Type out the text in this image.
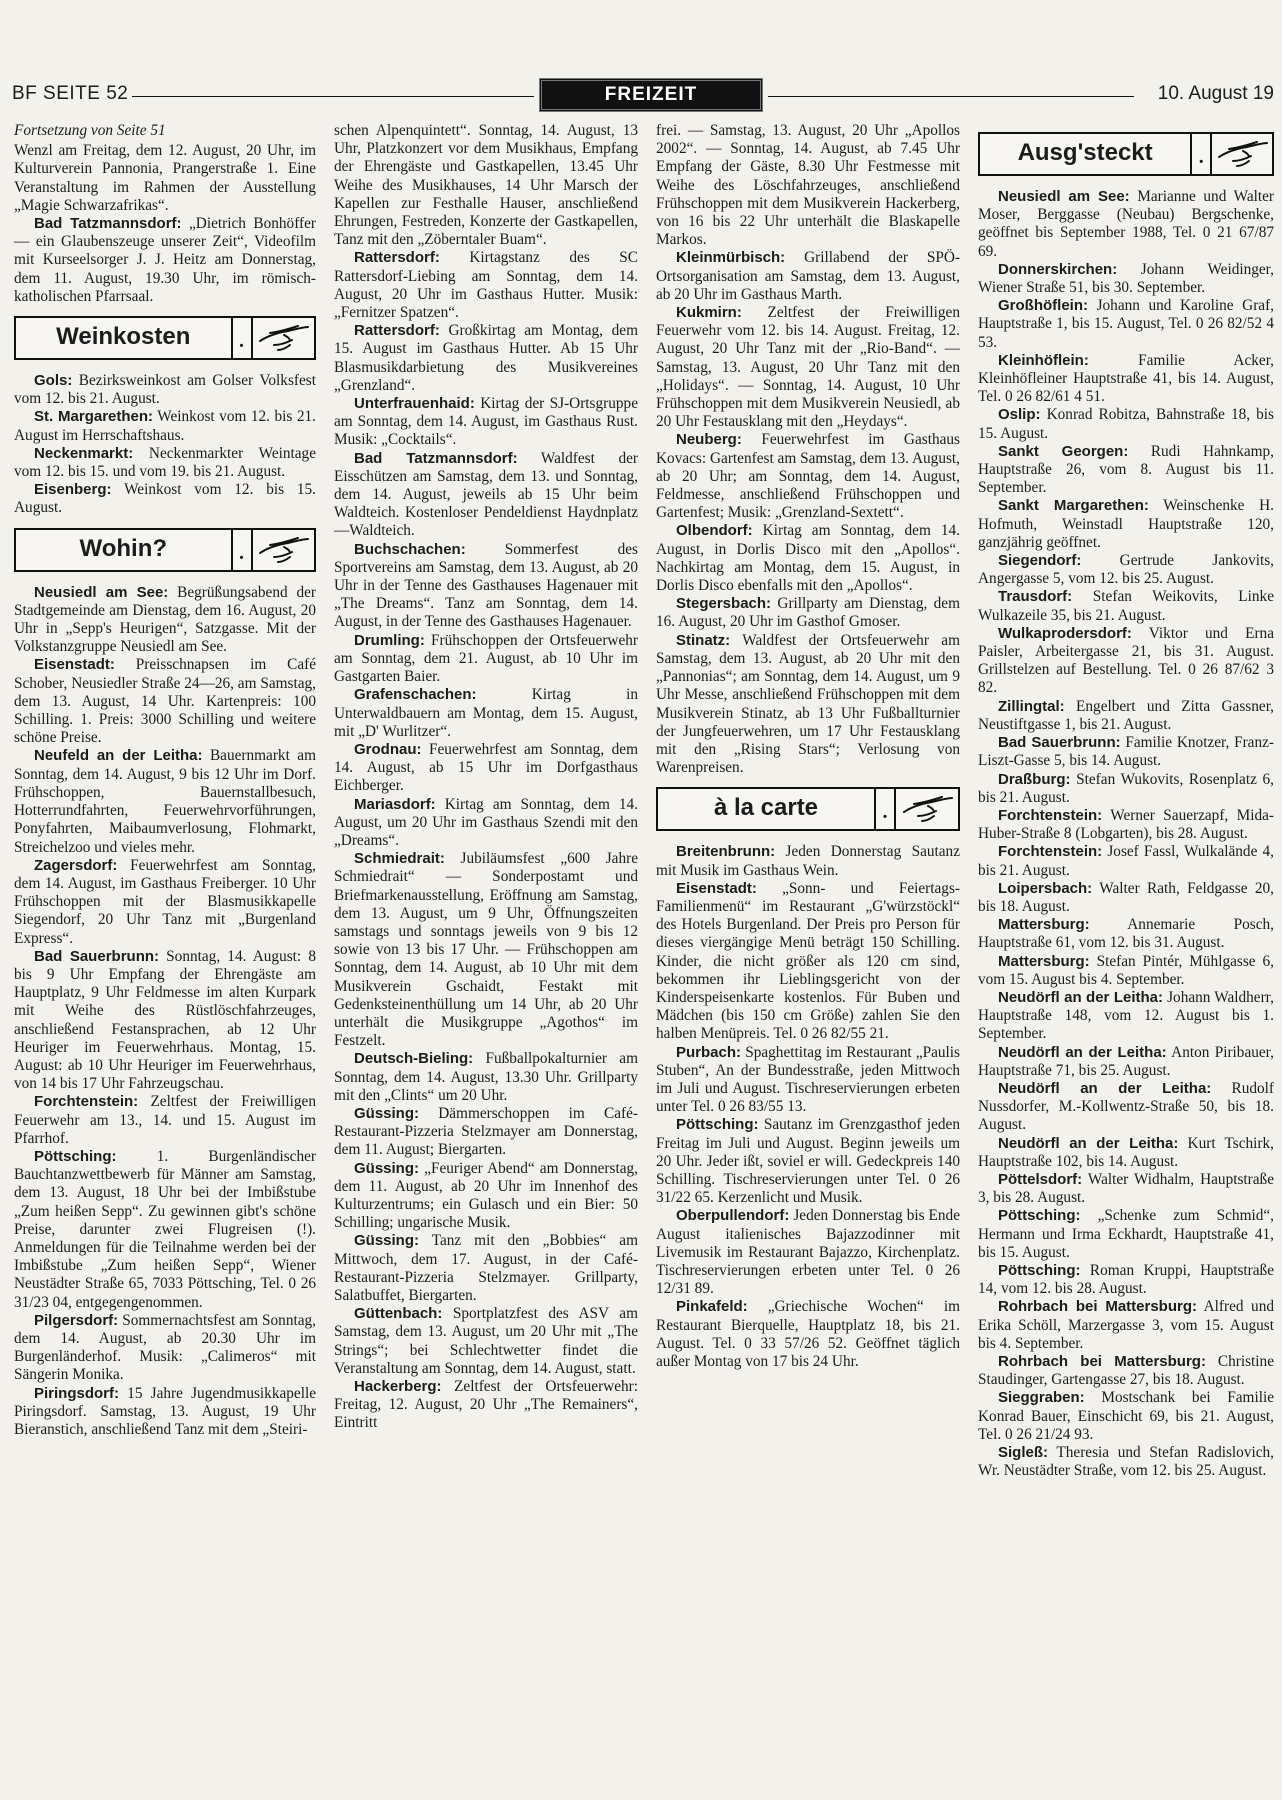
BF SEITE 52	FREIZEIT	10. August 19

Fortsetzung von Seite 51

Wenzl am Freitag, dem 12. August, 20 Uhr, im Kulturverein Pannonia, Prangerstraße 1. Eine Veranstaltung im Rahmen der Ausstellung „Magie Schwarzafrikas“.

Bad Tatzmannsdorf: „Dietrich Bonhöffer — ein Glaubenszeuge unserer Zeit“, Videofilm mit Kurseelsorger J. J. Heitz am Donnerstag, dem 11. August, 19.30 Uhr, im römisch-katholischen Pfarrsaal.

Weinkosten	.

Gols: Bezirksweinkost am Golser Volksfest vom 12. bis 21. August.

St. Margarethen: Weinkost vom 12. bis 21. August im Herrschaftshaus.

Neckenmarkt: Neckenmarkter Weintage vom 12. bis 15. und vom 19. bis 21. August.

Eisenberg: Weinkost vom 12. bis 15. August.

Wohin?	.

Neusiedl am See: Begrüßungsabend der Stadtgemeinde am Dienstag, dem 16. August, 20 Uhr in „Sepp's Heurigen“, Satzgasse. Mit der Volkstanzgruppe Neusiedl am See.

Eisenstadt: Preisschnapsen im Café Schober, Neusiedler Straße 24—26, am Samstag, dem 13. August, 14 Uhr. Kartenpreis: 100 Schilling. 1. Preis: 3000 Schilling und weitere schöne Preise.

Neufeld an der Leitha: Bauernmarkt am Sonntag, dem 14. August, 9 bis 12 Uhr im Dorf. Frühschoppen, Bauernstallbesuch, Hotterrundfahrten, Feuerwehrvorführungen, Ponyfahrten, Maibaumverlosung, Flohmarkt, Streichelzoo und vieles mehr.

Zagersdorf: Feuerwehrfest am Sonntag, dem 14. August, im Gasthaus Freiberger. 10 Uhr Frühschoppen mit der Blasmusikkapelle Siegendorf, 20 Uhr Tanz mit „Burgenland Express“.

Bad Sauerbrunn: Sonntag, 14. August: 8 bis 9 Uhr Empfang der Ehrengäste am Hauptplatz, 9 Uhr Feldmesse im alten Kurpark mit Weihe des Rüstlöschfahrzeuges, anschließend Festansprachen, ab 12 Uhr Heuriger im Feuerwehrhaus. Montag, 15. August: ab 10 Uhr Heuriger im Feuerwehrhaus, von 14 bis 17 Uhr Fahrzeugschau.

Forchtenstein: Zeltfest der Freiwilligen Feuerwehr am 13., 14. und 15. August im Pfarrhof.

Pöttsching: 1. Burgenländischer Bauchtanzwettbewerb für Männer am Samstag, dem 13. August, 18 Uhr bei der Imbißstube „Zum heißen Sepp“. Zu gewinnen gibt's schöne Preise, darunter zwei Flugreisen (!). Anmeldungen für die Teilnahme werden bei der Imbißstube „Zum heißen Sepp“, Wiener Neustädter Straße 65, 7033 Pöttsching, Tel. 0 26 31/23 04, entgegengenommen.

Pilgersdorf: Sommernachtsfest am Sonntag, dem 14. August, ab 20.30 Uhr im Burgenländerhof. Musik: „Calimeros“ mit Sängerin Monika.

Piringsdorf: 15 Jahre Jugendmusikkapelle Piringsdorf. Samstag, 13. August, 19 Uhr Bieranstich, anschließend Tanz mit dem „Steiri-

schen Alpenquintett“. Sonntag, 14. August, 13 Uhr, Platzkonzert vor dem Musikhaus, Empfang der Ehrengäste und Gastkapellen, 13.45 Uhr Weihe des Musikhauses, 14 Uhr Marsch der Kapellen zur Festhalle Hauser, anschließend Ehrungen, Festreden, Konzerte der Gastkapellen, Tanz mit den „Zöberntaler Buam“.

Rattersdorf: Kirtagstanz des SC Rattersdorf-Liebing am Sonntag, dem 14. August, 20 Uhr im Gasthaus Hutter. Musik: „Fernitzer Spatzen“.

Rattersdorf: Großkirtag am Montag, dem 15. August im Gasthaus Hutter. Ab 15 Uhr Blasmusikdarbietung des Musikvereines „Grenzland“.

Unterfrauenhaid: Kirtag der SJ-Ortsgruppe am Sonntag, dem 14. August, im Gasthaus Rust. Musik: „Cocktails“.

Bad Tatzmannsdorf: Waldfest der Eisschützen am Samstag, dem 13. und Sonntag, dem 14. August, jeweils ab 15 Uhr beim Waldteich. Kostenloser Pendeldienst Haydnplatz—Waldteich.

Buchschachen: Sommerfest des Sportvereins am Samstag, dem 13. August, ab 20 Uhr in der Tenne des Gasthauses Hagenauer mit „The Dreams“. Tanz am Sonntag, dem 14. August, in der Tenne des Gasthauses Hagenauer.

Drumling: Frühschoppen der Ortsfeuerwehr am Sonntag, dem 21. August, ab 10 Uhr im Gastgarten Baier.

Grafenschachen: Kirtag in Unterwaldbauern am Montag, dem 15. August, mit „D' Wurlitzer“.

Grodnau: Feuerwehrfest am Sonntag, dem 14. August, ab 15 Uhr im Dorfgasthaus Eichberger.

Mariasdorf: Kirtag am Sonntag, dem 14. August, um 20 Uhr im Gasthaus Szendi mit den „Dreams“.

Schmiedrait: Jubiläumsfest „600 Jahre Schmiedrait“ — Sonderpostamt und Briefmarkenausstellung, Eröffnung am Samstag, dem 13. August, um 9 Uhr, Öffnungszeiten samstags und sonntags jeweils von 9 bis 12 sowie von 13 bis 17 Uhr. — Frühschoppen am Sonntag, dem 14. August, ab 10 Uhr mit dem Musikverein Gschaidt, Festakt mit Gedenksteinenthüllung um 14 Uhr, ab 20 Uhr unterhält die Musikgruppe „Agothos“ im Festzelt.

Deutsch-Bieling: Fußballpokalturnier am Sonntag, dem 14. August, 13.30 Uhr. Grillparty mit den „Clints“ um 20 Uhr.

Güssing: Dämmerschoppen im Café-Restaurant-Pizzeria Stelzmayer am Donnerstag, dem 11. August; Biergarten.

Güssing: „Feuriger Abend“ am Donnerstag, dem 11. August, ab 20 Uhr im Innenhof des Kulturzentrums; ein Gulasch und ein Bier: 50 Schilling; ungarische Musik.

Güssing: Tanz mit den „Bobbies“ am Mittwoch, dem 17. August, in der Café-Restaurant-Pizzeria Stelzmayer. Grillparty, Salatbuffet, Biergarten.

Güttenbach: Sportplatzfest des ASV am Samstag, dem 13. August, um 20 Uhr mit „The Strings“; bei Schlechtwetter findet die Veranstaltung am Sonntag, dem 14. August, statt.

Hackerberg: Zeltfest der Ortsfeuerwehr: Freitag, 12. August, 20 Uhr „The Remainers“, Eintritt

frei. — Samstag, 13. August, 20 Uhr „Apollos 2002“. — Sonntag, 14. August, ab 7.45 Uhr Empfang der Gäste, 8.30 Uhr Festmesse mit Weihe des Löschfahrzeuges, anschließend Frühschoppen mit dem Musikverein Hackerberg, von 16 bis 22 Uhr unterhält die Blaskapelle Markos.

Kleinmürbisch: Grillabend der SPÖ-Ortsorganisation am Samstag, dem 13. August, ab 20 Uhr im Gasthaus Marth.

Kukmirn: Zeltfest der Freiwilligen Feuerwehr vom 12. bis 14. August. Freitag, 12. August, 20 Uhr Tanz mit der „Rio-Band“. — Samstag, 13. August, 20 Uhr Tanz mit den „Holidays“. — Sonntag, 14. August, 10 Uhr Frühschoppen mit dem Musikverein Neusiedl, ab 20 Uhr Festausklang mit den „Heydays“.

Neuberg: Feuerwehrfest im Gasthaus Kovacs: Gartenfest am Samstag, dem 13. August, ab 20 Uhr; am Sonntag, dem 14. August, Feldmesse, anschließend Frühschoppen und Gartenfest; Musik: „Grenzland-Sextett“.

Olbendorf: Kirtag am Sonntag, dem 14. August, in Dorlis Disco mit den „Apollos“. Nachkirtag am Montag, dem 15. August, in Dorlis Disco ebenfalls mit den „Apollos“.

Stegersbach: Grillparty am Dienstag, dem 16. August, 20 Uhr im Gasthof Gmoser.

Stinatz: Waldfest der Ortsfeuerwehr am Samstag, dem 13. August, ab 20 Uhr mit den „Pannonias“; am Sonntag, dem 14. August, um 9 Uhr Messe, anschließend Frühschoppen mit dem Musikverein Stinatz, ab 13 Uhr Fußballturnier der Jungfeuerwehren, um 17 Uhr Festausklang mit den „Rising Stars“; Verlosung von Warenpreisen.

à la carte	.

Breitenbrunn: Jeden Donnerstag Sautanz mit Musik im Gasthaus Wein.

Eisenstadt: „Sonn- und Feiertags-Familienmenü“ im Restaurant „G'würzstöckl“ des Hotels Burgenland. Der Preis pro Person für dieses viergängige Menü beträgt 150 Schilling. Kinder, die nicht größer als 120 cm sind, bekommen ihr Lieblingsgericht von der Kinderspeisenkarte kostenlos. Für Buben und Mädchen (bis 150 cm Größe) zahlen Sie den halben Menüpreis. Tel. 0 26 82/55 21.

Purbach: Spaghettitag im Restaurant „Paulis Stuben“, An der Bundesstraße, jeden Mittwoch im Juli und August. Tischreservierungen erbeten unter Tel. 0 26 83/55 13.

Pöttsching: Sautanz im Grenzgasthof jeden Freitag im Juli und August. Beginn jeweils um 20 Uhr. Jeder ißt, soviel er will. Gedeckpreis 140 Schilling. Tischreservierungen unter Tel. 0 26 31/22 65. Kerzenlicht und Musik.

Oberpullendorf: Jeden Donnerstag bis Ende August italienisches Bajazzodinner mit Livemusik im Restaurant Bajazzo, Kirchenplatz. Tischreservierungen erbeten unter Tel. 0 26 12/31 89.

Pinkafeld: „Griechische Wochen“ im Restaurant Bierquelle, Hauptplatz 18, bis 21. August. Tel. 0 33 57/26 52. Geöffnet täglich außer Montag von 17 bis 24 Uhr.

Ausg'steckt	.

Neusiedl am See: Marianne und Walter Moser, Berggasse (Neubau) Bergschenke, geöffnet bis September 1988, Tel. 0 21 67/87 69.

Donnerskirchen: Johann Weidinger, Wiener Straße 51, bis 30. September.

Großhöflein: Johann und Karoline Graf, Hauptstraße 1, bis 15. August, Tel. 0 26 82/52 4 53.

Kleinhöflein: Familie Acker, Kleinhöfleiner Hauptstraße 41, bis 14. August, Tel. 0 26 82/61 4 51.

Oslip: Konrad Robitza, Bahnstraße 18, bis 15. August.

Sankt Georgen: Rudi Hahnkamp, Hauptstraße 26, vom 8. August bis 11. September.

Sankt Margarethen: Weinschenke H. Hofmuth, Weinstadl Hauptstraße 120, ganzjährig geöffnet.

Siegendorf: Gertrude Jankovits, Angergasse 5, vom 12. bis 25. August.

Trausdorf: Stefan Weikovits, Linke Wulkazeile 35, bis 21. August.

Wulkaprodersdorf: Viktor und Erna Paisler, Arbeitergasse 21, bis 31. August. Grillstelzen auf Bestellung. Tel. 0 26 87/62 3 82.

Zillingtal: Engelbert und Zitta Gassner, Neustiftgasse 1, bis 21. August.

Bad Sauerbrunn: Familie Knotzer, Franz-Liszt-Gasse 5, bis 14. August.

Draßburg: Stefan Wukovits, Rosenplatz 6, bis 21. August.

Forchtenstein: Werner Sauerzapf, Mida-Huber-Straße 8 (Lobgarten), bis 28. August.

Forchtenstein: Josef Fassl, Wulkalände 4, bis 21. August.

Loipersbach: Walter Rath, Feldgasse 20, bis 18. August.

Mattersburg: Annemarie Posch, Hauptstraße 61, vom 12. bis 31. August.

Mattersburg: Stefan Pintér, Mühlgasse 6, vom 15. August bis 4. September.

Neudörfl an der Leitha: Johann Waldherr, Hauptstraße 148, vom 12. August bis 1. September.

Neudörfl an der Leitha: Anton Piribauer, Hauptstraße 71, bis 25. August.

Neudörfl an der Leitha: Rudolf Nussdorfer, M.-Kollwentz-Straße 50, bis 18. August.

Neudörfl an der Leitha: Kurt Tschirk, Hauptstraße 102, bis 14. August.

Pöttelsdorf: Walter Widhalm, Hauptstraße 3, bis 28. August.

Pöttsching: „Schenke zum Schmid“, Hermann und Irma Eckhardt, Hauptstraße 41, bis 15. August.

Pöttsching: Roman Kruppi, Hauptstraße 14, vom 12. bis 28. August.

Rohrbach bei Mattersburg: Alfred und Erika Schöll, Marzergasse 3, vom 15. August bis 4. September.

Rohrbach bei Mattersburg: Christine Staudinger, Gartengasse 27, bis 18. August.

Sieggraben: Mostschank bei Familie Konrad Bauer, Einschicht 69, bis 21. August, Tel. 0 26 21/24 93.

Sigleß: Theresia und Stefan Radislovich, Wr. Neustädter Straße, vom 12. bis 25. August.
